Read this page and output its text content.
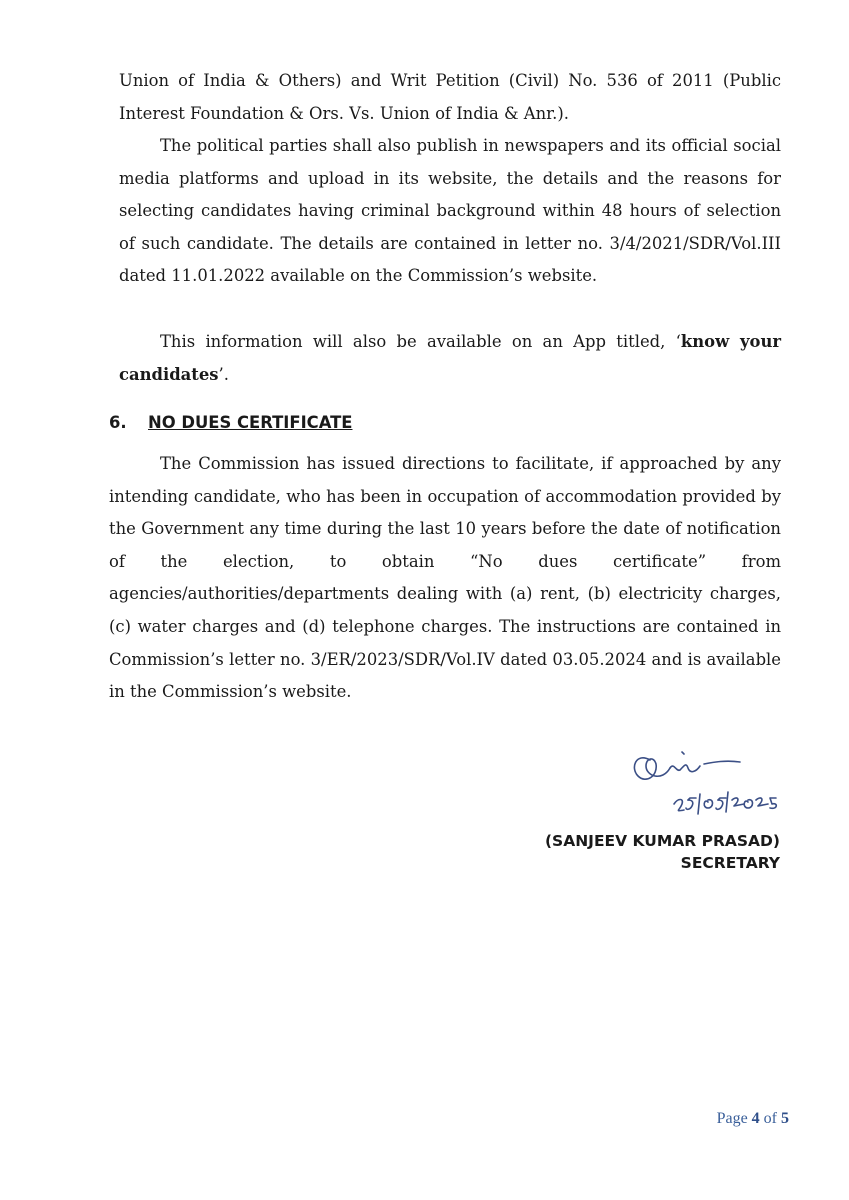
Union of India & Others) and Writ Petition (Civil) No. 536 of 2011 (Public Interest Foundation & Ors. Vs. Union of India & Anr.).

The political parties shall also publish in newspapers and its official social media platforms and upload in its website, the details and the reasons for selecting candidates having criminal background within 48 hours of selection of such candidate. The details are contained in letter no. 3/4/2021/SDR/Vol.III dated 11.01.2022 available on the Commission’s website.

This information will also be available on an App titled, ‘know your candidates’.

6. NO DUES CERTIFICATE

The Commission has issued directions to facilitate, if approached by any intending candidate, who has been in occupation of accommodation provided by the Government any time during the last 10 years before the date of notification of the election, to obtain “No dues certificate” from agencies/authorities/departments dealing with (a) rent, (b) electricity charges, (c) water charges and (d) telephone charges. The instructions are contained in Commission’s letter no. 3/ER/2023/SDR/Vol.IV dated 03.05.2024 and is available in the Commission’s website.

(SANJEEV KUMAR PRASAD)
SECRETARY
Page 4 of 5
